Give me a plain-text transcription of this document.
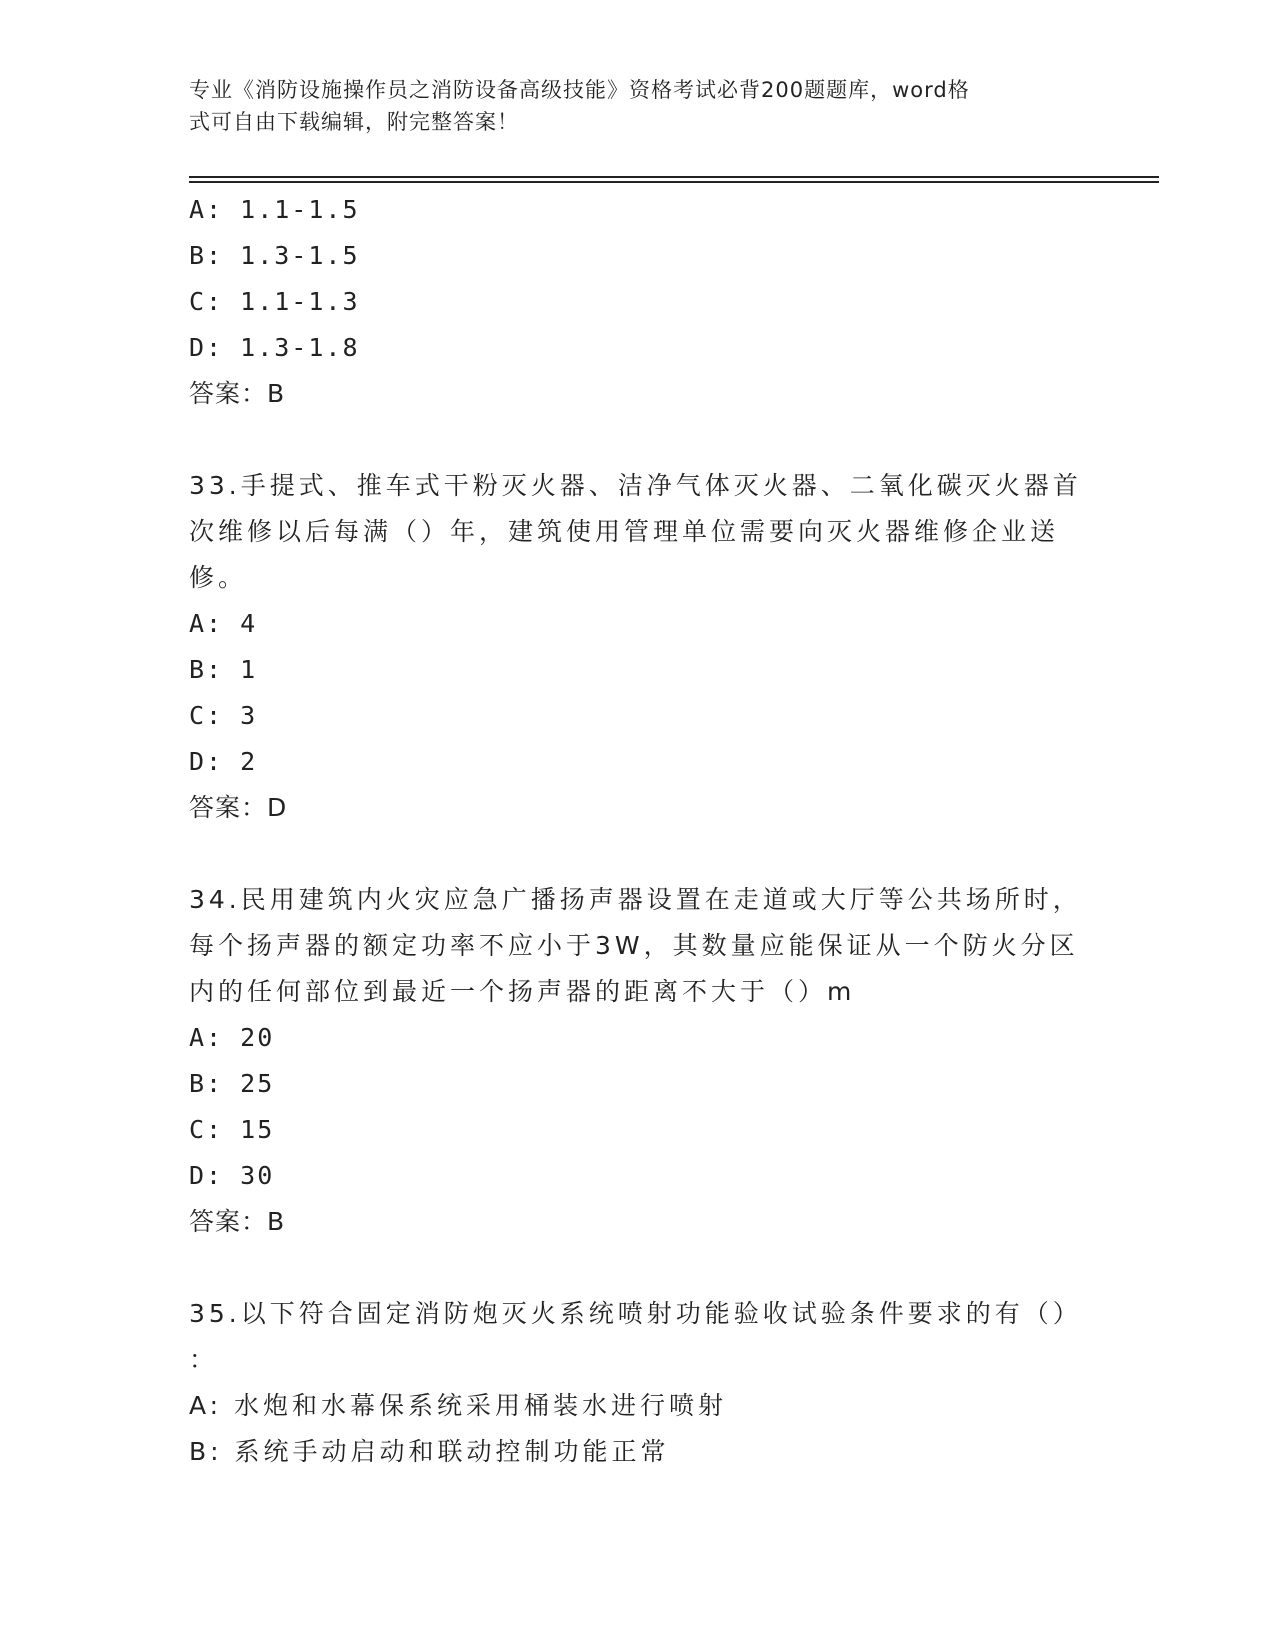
专业《消防设施操作员之消防设备高级技能》资格考试必背200题题库，word格
式可自由下载编辑，附完整答案！
A: 1.1-1.5
B: 1.3-1.5
C: 1.1-1.3
D: 1.3-1.8
答案：B
33.手提式、推车式干粉灭火器、洁净气体灭火器、二氧化碳灭火器首
次维修以后每满（）年，建筑使用管理单位需要向灭火器维修企业送
修。
A: 4
B: 1
C: 3
D: 2
答案：D
34.民用建筑内火灾应急广播扬声器设置在走道或大厅等公共场所时，
每个扬声器的额定功率不应小于3W，其数量应能保证从一个防火分区
内的任何部位到最近一个扬声器的距离不大于（）m
A: 20
B: 25
C: 15
D: 30
答案：B
35.以下符合固定消防炮灭火系统喷射功能验收试验条件要求的有（）
：
A: 水炮和水幕保系统采用桶装水进行喷射
B: 系统手动启动和联动控制功能正常
